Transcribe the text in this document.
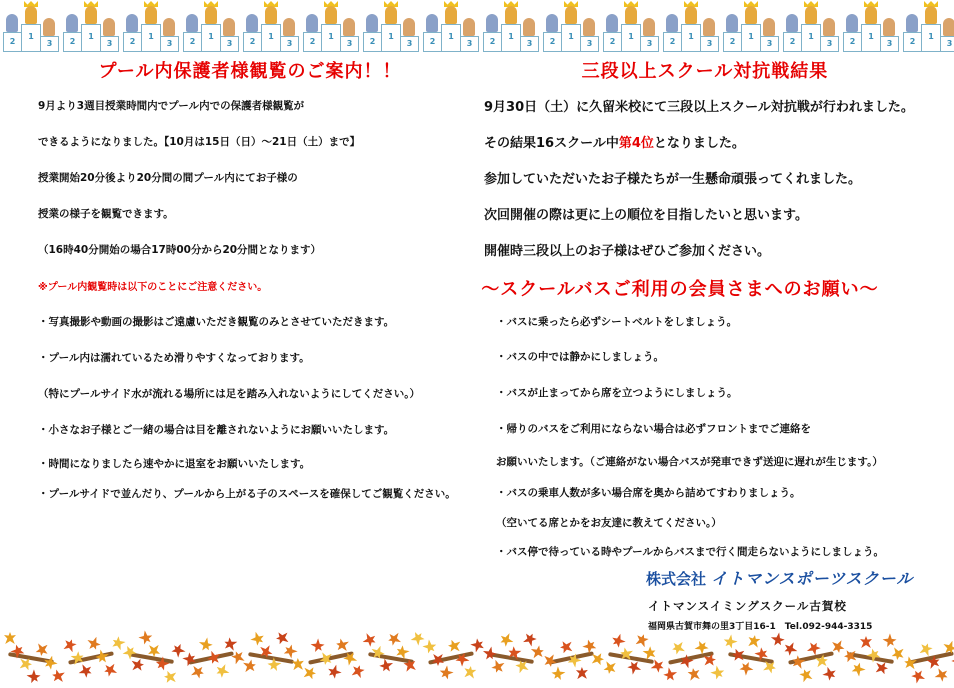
2
1
3	2
1
3	2
1
3	2
1
3	2
1
3	2
1
3	2
1
3	2
1
3	2
1
3	2
1
3	2
1
3	2
1
3	2
1
3	2
1
3	2
1
3	2
1
3
プール内保護者様観覧のご案内！！
9月より3週目授業時間内でプール内での保護者様観覧が
できるようになりました。【10月は15日（日）～21日（土）まで】
授業開始20分後より20分間の間プール内にてお子様の
授業の様子を観覧できます。
（16時40分開始の場合17時00分から20分間となります）
※プール内観覧時は以下のことにご注意ください。
・写真撮影や動画の撮影はご遠慮いただき観覧のみとさせていただきます。
・プール内は濡れているため滑りやすくなっております。
（特にプールサイド水が流れる場所には足を踏み入れないようにしてください。）
・小さなお子様とご一緒の場合は目を離されないようにお願いいたします。
・時間になりましたら速やかに退室をお願いいたします。
・プールサイドで並んだり、プールから上がる子のスペースを確保してご観覧ください。
三段以上スクール対抗戦結果
9月30日（土）に久留米校にて三段以上スクール対抗戦が行われました。
その結果16スクール中第4位となりました。
参加していただいたお子様たちが一生懸命頑張ってくれました。
次回開催の際は更に上の順位を目指したいと思います。
開催時三段以上のお子様はぜひご参加ください。
～スクールバスご利用の会員さまへのお願い～
・バスに乗ったら必ずシートベルトをしましょう。
・バスの中では静かにしましょう。
・バスが止まってから席を立つようにしましょう。
・帰りのバスをご利用にならない場合は必ずフロントまでご連絡を
お願いいたします。（ご連絡がない場合バスが発車できず送迎に遅れが生じます。）
・バスの乗車人数が多い場合席を奥から詰めてすわりましょう。
（空いてる席とかをお友達に教えてください。）
・バス停で待っている時やプールからバスまで行く間走らないようにしましょう。
株式会社 イトマンスポーツスクール
イトマンスイミングスクール古賀校
福岡県古賀市舞の里3丁目16-1　Tel.092-944-3315
